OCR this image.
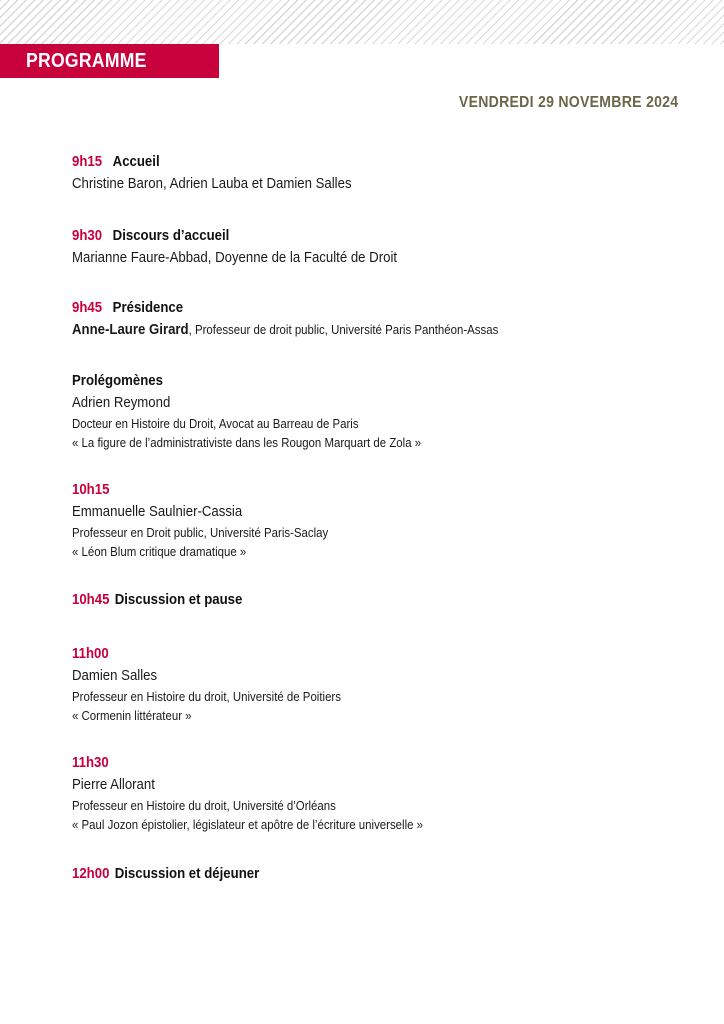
PROGRAMME
VENDREDI 29 NOVEMBRE 2024
9h15 Accueil
Christine Baron, Adrien Lauba et Damien Salles
9h30 Discours d’accueil
Marianne Faure-Abbad, Doyenne de la Faculté de Droit
9h45 Présidence
Anne-Laure Girard, Professeur de droit public, Université Paris Panthéon-Assas
Prolégomènes
Adrien Reymond
Docteur en Histoire du Droit, Avocat au Barreau de Paris
« La figure de l’administrativiste dans les Rougon Marquart de Zola »
10h15
Emmanuelle Saulnier-Cassia
Professeur en Droit public, Université Paris-Saclay
« Léon Blum critique dramatique »
10h45 Discussion et pause
11h00
Damien Salles
Professeur en Histoire du droit, Université de Poitiers
« Cormenin littérateur »
11h30
Pierre Allorant
Professeur en Histoire du droit, Université d’Orléans
« Paul Jozon épistolier, législateur et apôtre de l’écriture universelle »
12h00 Discussion et déjeuner
